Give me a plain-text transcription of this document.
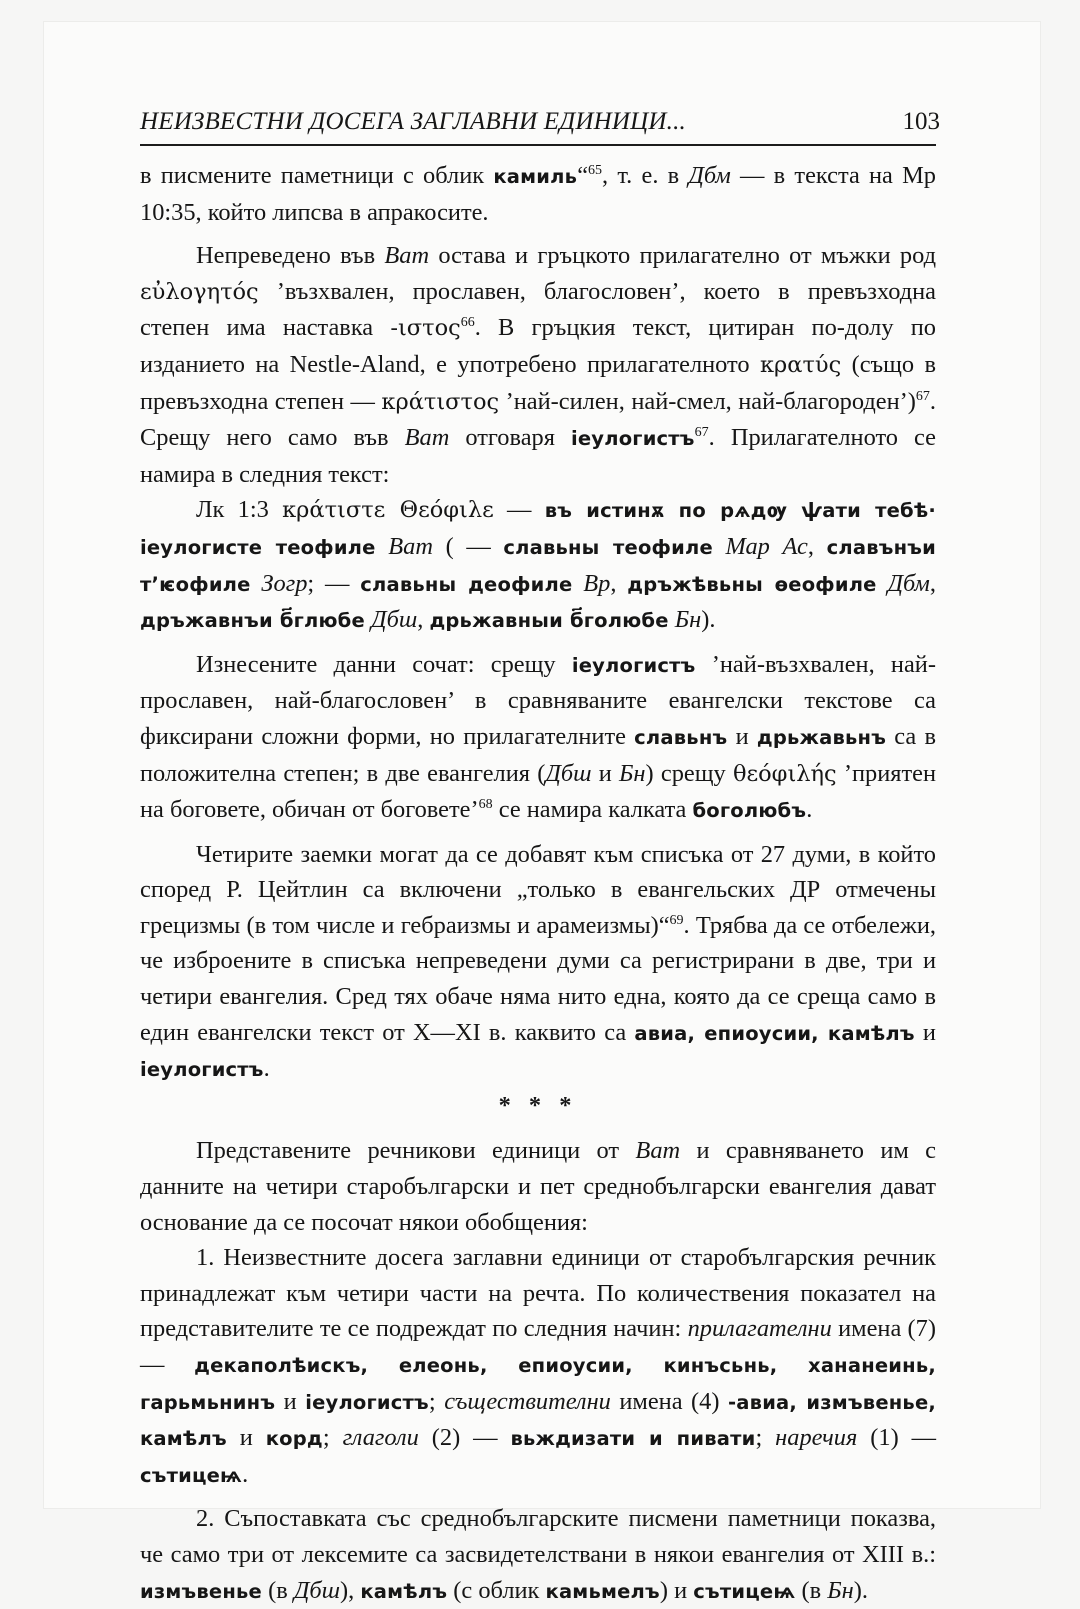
НЕИЗВЕСТНИ ДОСЕГА ЗАГЛАВНИ ЕДИНИЦИ...	103

в писмените паметници с облик камиль“$^{65}$, т. е. в Дбм — в текста на Мр 10:35, който липсва в апракосите.

Непреведено във Ват остава и гръцкото прилагателно от мъжки род εὐλογητός ’възхвален, прославен, благословен’, което в превъзходна степен има наставка -ιστος$^{66}$. В гръцкия текст, цитиран по-долу по изданието на Nestle-Aland, е употребено прилагателното κρατύς (също в превъзходна степен — κράτιστος ’най-силен, най-смел, най-благороден’)$^{67}$. Срещу него само във Ват отговаря іеулогистъ$^{67}$. Прилагателното се намира в следния текст:

Лк 1:3 κράτιστε Θεόφιλε — въ истинѫ по рѧдѹ ѱати тебѣ· іеулогисте теофиле Ват ( — славьны теофиле Мар Ас, славънъи т’ѥофиле Зогр; — славьны деофиле Вр, дръжѣвьны ѳеофиле Дбм, дръжавнъи б҃глюбе Дбш, дрьжавныи б҃голюбе Бн).

Изнесените данни сочат: срещу іеулогистъ ’най-възхвален, най-прославен, най-благословен’ в сравняваните евангелски текстове са фиксирани сложни форми, но прилагателните славьнъ и дрьжавьнъ са в положителна степен; в две евангелия (Дбш и Бн) срещу θεόφιλής ’приятен на боговете, обичан от боговете’$^{68}$ се намира калката боголюбъ.

Четирите заемки могат да се добавят към списъка от 27 думи, в който според Р. Цейтлин са включени „только в евангельских ДР отмечены грецизмы (в том числе и гебраизмы и арамеизмы)“$^{69}$. Трябва да се отбележи, че изброените в списъка непреведени думи са регистрирани в две, три и четири евангелия. Сред тях обаче няма нито една, която да се среща само в един евангелски текст от X—XI в. каквито са авиа, епиоусии, камѣлъ и іеулогистъ.

* * *

Представените речникови единици от Ват и сравняването им с данните на четири старобългарски и пет среднобългарски евангелия дават основание да се посочат някои обобщения:

1. Неизвестните досега заглавни единици от старобългарския речник принадлежат към четири части на речта. По количествения показател на представителите те се подреждат по следния начин: прилагателни имена (7) — декаполѣискъ, елеонь, епиоусии, кинъсьнь, хананеинь, гарьмьнинъ и іеулогистъ; съществителни имена (4) -авиа, измъвенье, камѣлъ и корд; глаголи (2) — вьждизати и пивати; наречия (1) — сътицеѩ.

2. Съпоставката със среднобългарските писмени паметници показва, че само три от лексемите са засвидетелствани в някои евангелия от XIII в.: измъвенье (в Дбш), камѣлъ (с облик камьмелъ) и сътицеѩ (в Бн).
